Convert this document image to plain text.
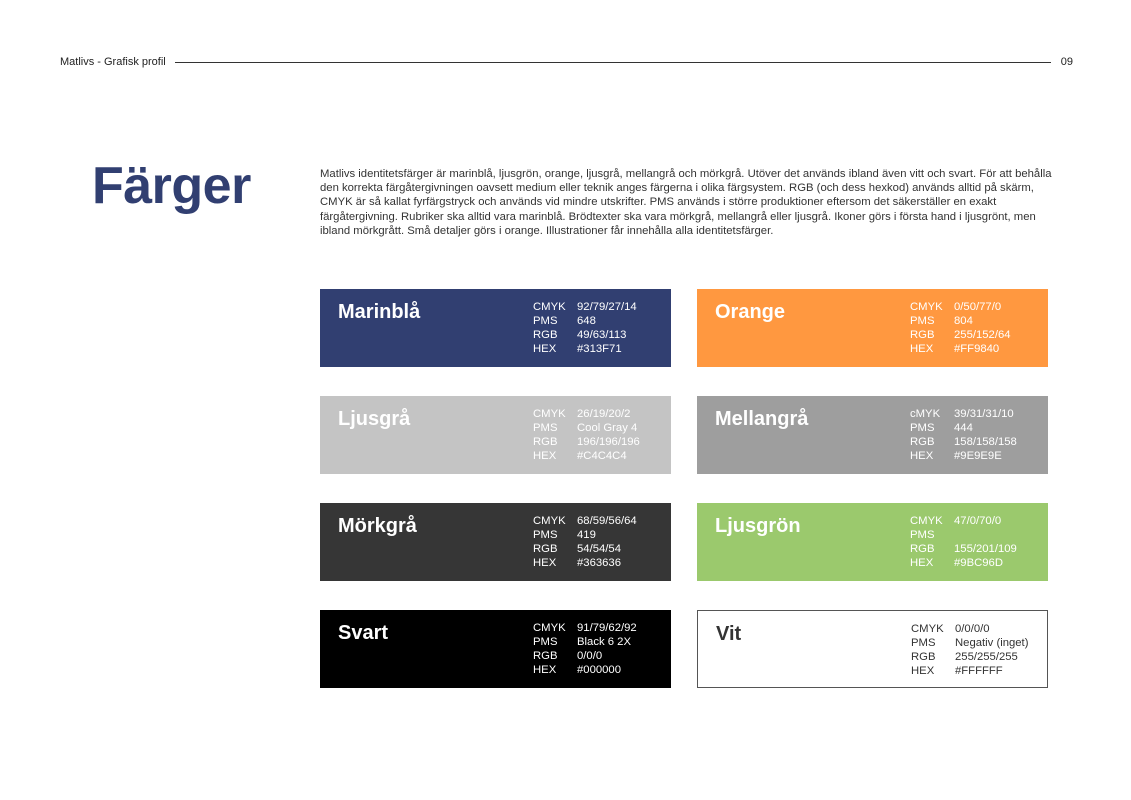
Matlivs - Grafisk profil	09
Färger	Matlivs identitetsfärger är marinblå, ljusgrön, orange, ljusgrå, mellangrå och mörkgrå. Utöver det används ibland även vitt och svart. För att behålla den korrekta färgåtergivningen oavsett medium eller teknik anges färgerna i olika färgsystem. RGB (och dess hexkod) används alltid på skärm, CMYK är så kallat fyrfärgstryck och används vid mindre utskrifter. PMS används i större produktioner eftersom det säkerställer en exakt färgåtergivning. Rubriker ska alltid vara marinblå. Brödtexter ska vara mörkgrå, mellangrå eller ljusgrå. Ikoner görs i första hand i ljusgrönt, men ibland mörkgrått. Små detaljer görs i orange. Illustrationer får innehålla alla identitetsfärger.

Marinblå	CMYK	92/79/27/14
PMS	648
RGB	49/63/113
HEX	#313F71
Orange	CMYK	0/50/77/0
PMS	804
RGB	255/152/64
HEX	#FF9840
Ljusgrå	CMYK	26/19/20/2
PMS	Cool Gray 4
RGB	196/196/196
HEX	#C4C4C4
Mellangrå	cMYK	39/31/31/10
PMS	444
RGB	158/158/158
HEX	#9E9E9E
Mörkgrå	CMYK	68/59/56/64
PMS	419
RGB	54/54/54
HEX	#363636
Ljusgrön	CMYK	47/0/70/0
PMS
RGB	155/201/109
HEX	#9BC96D
Svart	CMYK	91/79/62/92
PMS	Black 6 2X
RGB	0/0/0
HEX	#000000
Vit	CMYK	0/0/0/0
PMS	Negativ (inget)
RGB	255/255/255
HEX	#FFFFFF
